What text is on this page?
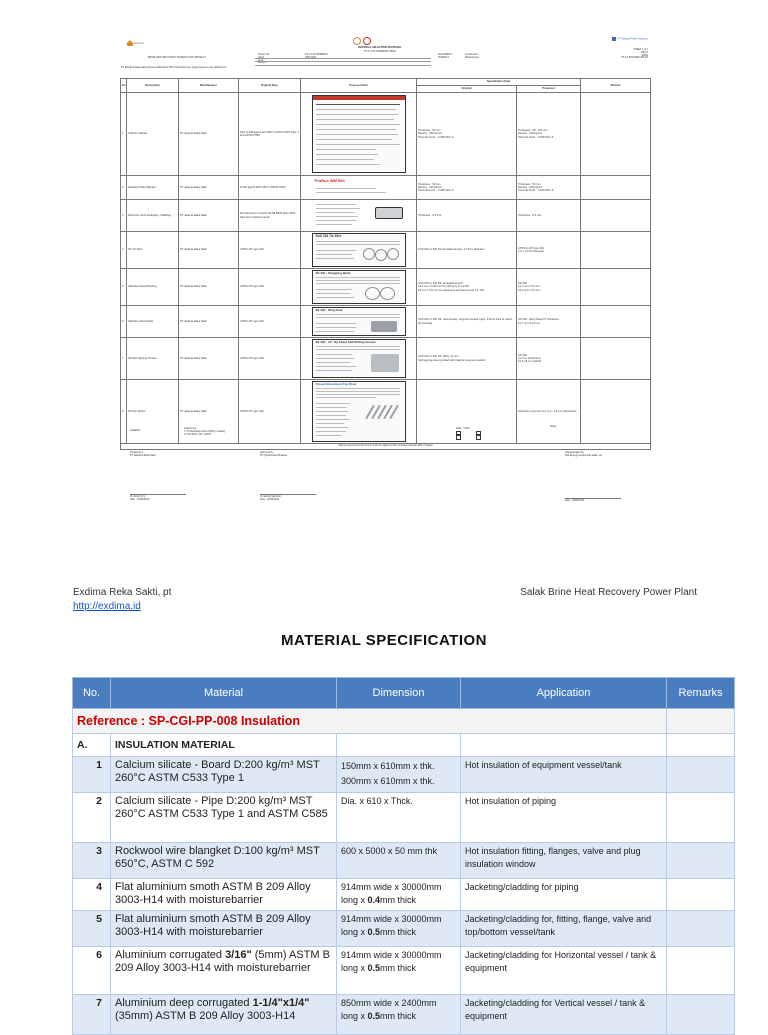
Eksdima
MATERIAL SELECTION APPROVAL
PT.3.3.01.ODSB0007-0001
PT. Medana Power Solutions
BRINE HEAT RECOVERY POWER PLANT PROJECT
Project No
Client
Area
Ref No
PT.3.3.01.ODSB0007
SKB GEM
DOCUMENT
SUBJECT
Construction
Material spec
SHEET 1 of 1
REV 0
DATE
PT.3.3.PMA.BRR.IDS.R1
PT. Eksdima Reka Sakti propose Material for Brine Heat Recovery project based on the attachment.
No	Description	Manufacturer	Original Spec	Proposed Item	Specification Data		Remark
					Original	Proposed	
1	Calcium Silicate	PT. Eekma Reka Sakti	Pipe & 200 kg/m3 and 260°C ASTM C533 Type 1 and ASTM C585		Thickness : 50 mm
Density : 200 kg/m3
Thermal Cond. : 0.065 W/m.K	Thickness : 50 - 100 mm
Density : 220 kg/m3
Thermal Cond. : 0.065 W/m.K	
2	Rockwool Wire Blanket	PT. Eekma Reka Sakti	D:100 kg/m3 MST 650°C ASTM C592	ProRox WM 960	Thickness : 50 mm
Density : 100 kg/m3
Thermal Cond. : 0.036 W/m.K	Thickness : 50 mm
Density : 100 kg/m3
Thermal Cond. : 0.036 W/m.K	
3	Aluminium Roll Jacketing / Cladding	PT. Eekma Reka Sakti	Flat aluminium smooth ASTM B209 Alloy 3003 H14 with moisture barrier		Thickness : 0.5 mm	Thickness : 0.5 mm	
4	SS Tie Wire	PT. Eekma Reka Sakti	ASTM 167 type 304	SUS 304 Tie Wire	SUS 304 or 304 SS annealed temper, 1.27mm diameter	ASTM A 167 type 304
1.2 x 10 mm diameter	
5	Stainless Steel Banding	PT. Eekma Reka Sakti	ASTM 167 type 304	SS 304 - Strapping Band	SUS 304 or 304 SS, annealed temper
12.5 mm x 0.50 mm for piping up to 14"OD
19 mm x 0.5 mm for equipment and piping over 14" OD	SS 304
12.7 mm x 0.5 mm
19.0 mm x 0.5 mm	
6	Stainless Steel Seals	PT. Eekma Reka Sakti	ASTM 167 type 304	SS 304 - Wing Seal	SUS 304 or 304 SS, hard temper, wing and closed types, 0.5mm thick to match the banding	SS 304 - Wing Seal 0.5" thickness
12.7 mm & 19 mm	
7	SS Self Tapping Screws	PT. Eekma Reka Sakti	ASTM 167 type 304	SS 304 - 12" Tip Sheet Self Drilling Screws	SUS 304 or 304 SS, #8 by 12 mm
Self tapping sheet pointed with integral neoprene washer	SS 304
4.2 mm (thickness)
12 & 19 mm (width)	
8	SS Pop Rivets	PT. Eekma Reka Sakti	ASTM 167 type 304	Closed Aluminium Pop Rivet		Aluminium pop rivet 3.2 mm - 4.8 mm (thickness)	
Having reviewed the document, kindly be approved this proposed material within 3 (days)							
LEGEND:
Attachment:
1. Product Data Sheet (PDS) / Catalog
2. ISO 9001 / CE / ASTM
ORG COPY

Notes:
Prepared by
PT. Eksdima Reka Sakti
Approved by
PT. Tjipta Kreasi Pratama
Acknowledged by
Star Energy Geothermal Salak, Ltd
M. Dicky Fn N
Date : 18/08/2019
R. Ikpotus Saryanto
Date : 18/08/2019	Date : 18/08/2019
Exdima Reka Sakti, pt
http://exdima.id
Salak Brine Heat Recovery Power Plant
MATERIAL SPECIFICATION
No.	Material	Dimension	Application	Remarks
Reference : SP-CGI-PP-008 Insulation				
A.	INSULATION MATERIAL			
1	Calcium silicate - Board D:200 kg/m³ MST 260°C ASTM C533 Type 1	150mm x 610mm x thk.
300mm x 610mm x thk.	Hot insulation of equipment vessel/tank	
2	Calcium silicate - Pipe D:200 kg/m³ MST 260°C ASTM C533 Type 1 and ASTM C585	Dia. x 610 x Thck.	Hot insulation of piping	
3	Rockwool wire blangket D:100 kg/m³ MST 650°C, ASTM C 592	600 x 5000 x 50 mm thk	Hot insulation fitting, flanges, valve and plug insulation window	
4	Flat aluminium smoth ASTM B 209 Alloy 3003-H14 with moisturebarrier	914mm wide x 30000mm long x 0.4mm thick	Jacketing/cladding for piping	
5	Flat aluminium smoth ASTM B 209 Alloy 3003-H14 with moisturebarrier	914mm wide x 30000mm long x 0.5mm thick	Jacketing/cladding for, fitting, flange, valve and top/bottom vessel/tank	
6	Aluminium corrugated 3/16" (5mm) ASTM B 209 Alloy 3003-H14 with moisturebarrier	914mm wide x 30000mm long x 0.5mm thick	Jacketing/cladding for Horizontal vessel / tank & equipment	
7	Aluminium deep corrugated 1-1/4"x1/4" (35mm) ASTM B 209 Alloy 3003-H14	850mm wide x 2400mm long x 0.5mm thick	Jacketing/cladding for Vertical vessel / tank & equipment	
